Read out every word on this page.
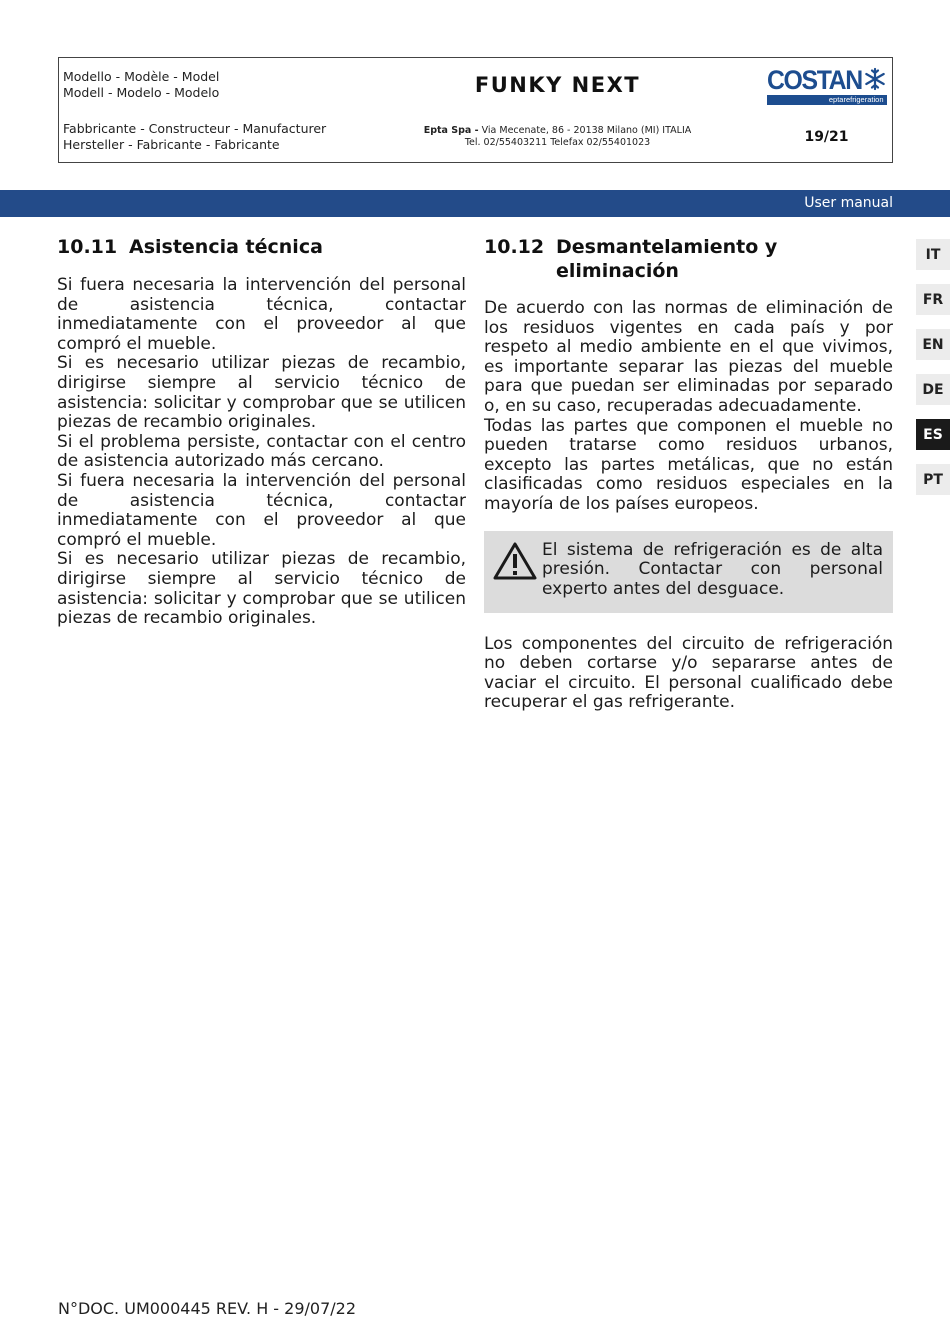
Modello - Modèle - Model
Modell - Modelo - Modelo	FUNKY NEXT	COSTAN
eptarefrigeration
Fabbricante - Constructeur - Manufacturer
Hersteller - Fabricante - Fabricante
Epta Spa - Via Mecenate, 86 - 20138 Milano (MI) ITALIA
Tel. 02/55403211 Telefax 02/55401023	19/21
User manual
10.11 Asistencia técnica

Si fuera necesaria la intervención del personal de asistencia técnica, contactar inmediatamente con el proveedor al que compró el mueble.

Si es necesario utilizar piezas de recambio, dirigirse siempre al servicio técnico de asistencia: solicitar y comprobar que se utilicen piezas de recambio originales.

Si el problema persiste, contactar con el centro de asistencia autorizado más cercano.

Si fuera necesaria la intervención del personal de asistencia técnica, contactar inmediatamente con el proveedor al que compró el mueble.

Si es necesario utilizar piezas de recambio, dirigirse siempre al servicio técnico de asistencia: solicitar y comprobar que se utilicen piezas de recambio originales.

10.12 Desmantelamiento y eliminación

De acuerdo con las normas de eliminación de los residuos vigentes en cada país y por respeto al medio ambiente en el que vivimos, es importante separar las piezas del mueble para que puedan ser eliminadas por separado o, en su caso, recuperadas adecuadamente.

Todas las partes que componen el mueble no pueden tratarse como residuos urbanos, excepto las partes metálicas, que no están clasificadas como residuos especiales en la mayoría de los países europeos.

El sistema de refrigeración es de alta presión. Contactar con personal experto antes del desguace.
Los componentes del circuito de refrigeración no deben cortarse y/o separarse antes de vaciar el circuito. El personal cualificado debe recuperar el gas refrigerante.
IT
FR
EN
DE
ES
PT
N°DOC. UM000445 REV. H - 29/07/22
